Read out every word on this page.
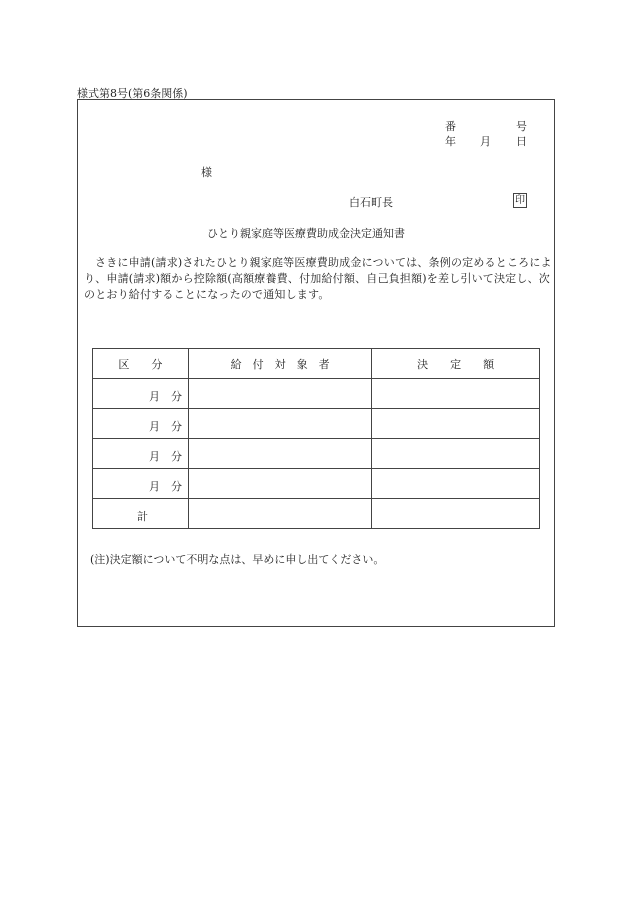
様式第8号(第6条関係)
番	号
年 月 日
様
白石町長	印
ひとり親家庭等医療費助成金決定通知書
さきに申請(請求)されたひとり親家庭等医療費助成金については、条例の定めるところにより、申請(請求)額から控除額(高額療養費、付加給付額、自己負担額)を差し引いて決定し、次のとおり給付することになったので通知します。
区　　分	給　付　対　象　者	決　　定　　額

月 分		

月 分		

月 分		

月 分		

計		

(注)決定額について不明な点は、早めに申し出てください。
